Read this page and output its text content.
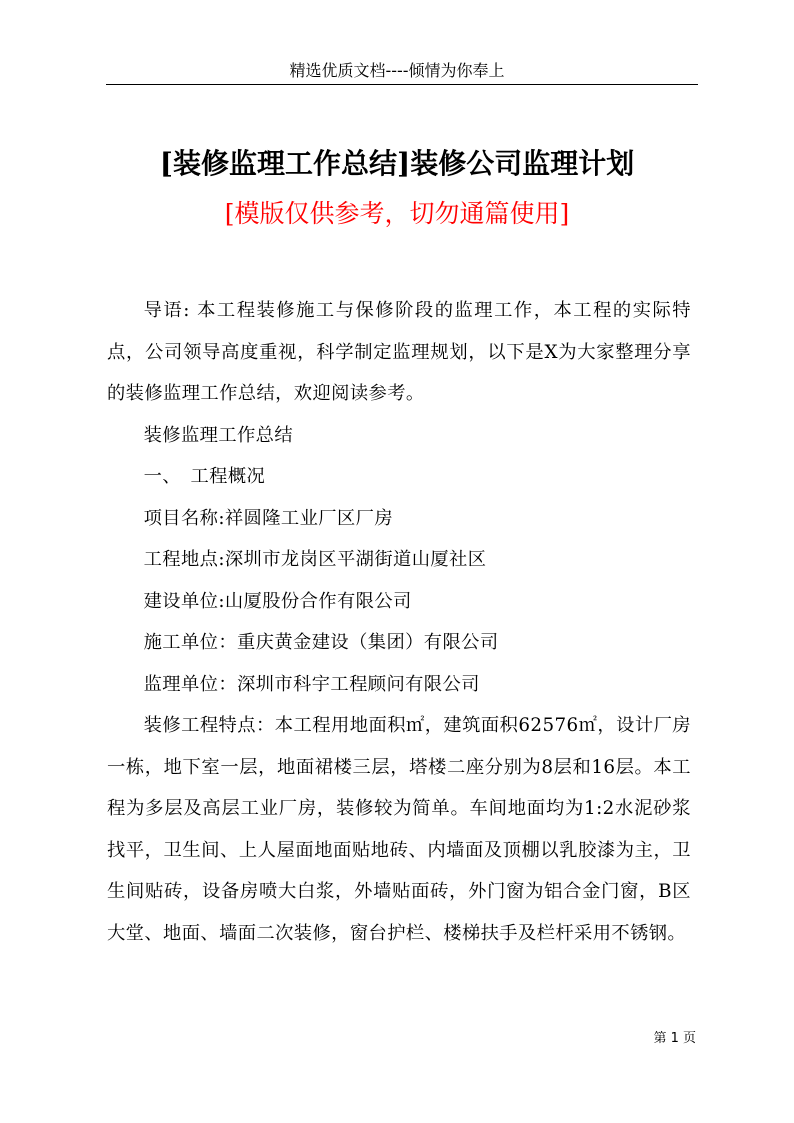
精选优质文档----倾情为你奉上
[装修监理工作总结]装修公司监理计划
[模版仅供参考，切勿通篇使用]

导语: 本工程装修施工与保修阶段的监理工作，本工程的实际特点，公司领导高度重视，科学制定监理规划，以下是X为大家整理分享的装修监理工作总结，欢迎阅读参考。

装修监理工作总结

一、　工程概况

项目名称:祥圆隆工业厂区厂房

工程地点:深圳市龙岗区平湖街道山厦社区

建设单位:山厦股份合作有限公司

施工单位：重庆黄金建设（集团）有限公司

监理单位：深圳市科宇工程顾问有限公司

装修工程特点：本工程用地面积㎡，建筑面积62576㎡，设计厂房一栋，地下室一层，地面裙楼三层，塔楼二座分别为8层和16层。本工程为多层及高层工业厂房，装修较为简单。车间地面均为1:2水泥砂浆找平，卫生间、上人屋面地面贴地砖、内墙面及顶棚以乳胶漆为主，卫生间贴砖，设备房喷大白浆，外墙贴面砖，外门窗为铝合金门窗，B区大堂、地面、墙面二次装修，窗台护栏、楼梯扶手及栏杆采用不锈钢。

第 1 页
